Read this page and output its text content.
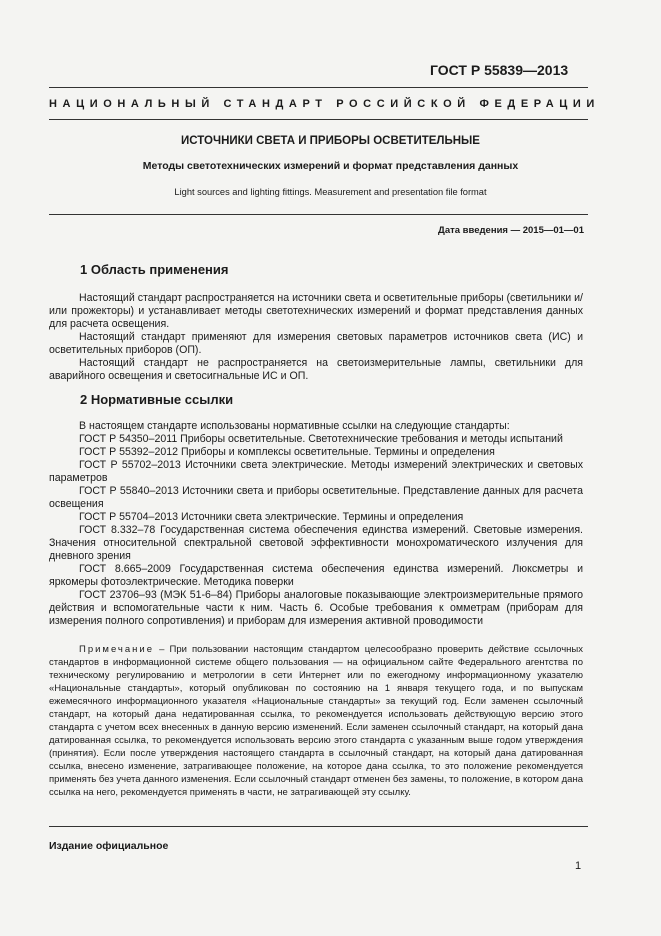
ГОСТ Р 55839—2013
НАЦИОНАЛЬНЫЙ СТАНДАРТ РОССИЙСКОЙ ФЕДЕРАЦИИ
ИСТОЧНИКИ СВЕТА И ПРИБОРЫ ОСВЕТИТЕЛЬНЫЕ
Методы светотехнических измерений и формат представления данных
Light sources and lighting fittings. Measurement and presentation file format
Дата введения — 2015—01—01
1 Область применения

Настоящий стандарт распространяется на источники света и осветительные приборы (светильники и/или прожекторы) и устанавливает методы светотехнических измерений и формат представления данных для расчета освещения.

Настоящий стандарт применяют для измерения световых параметров источников света (ИС) и осветительных приборов (ОП).

Настоящий стандарт не распространяется на светоизмерительные лампы, светильники для аварийного освещения и светосигнальные ИС и ОП.

2 Нормативные ссылки

В настоящем стандарте использованы нормативные ссылки на следующие стандарты:

ГОСТ Р 54350–2011 Приборы осветительные. Светотехнические требования и методы испытаний

ГОСТ Р 55392–2012 Приборы и комплексы осветительные. Термины и определения

ГОСТ Р 55702–2013 Источники света электрические. Методы измерений электрических и световых параметров

ГОСТ Р 55840–2013 Источники света и приборы осветительные. Представление данных для расчета освещения

ГОСТ Р 55704–2013 Источники света электрические. Термины и определения

ГОСТ 8.332–78 Государственная система обеспечения единства измерений. Световые измерения. Значения относительной спектральной световой эффективности монохроматического излучения для дневного зрения

ГОСТ 8.665–2009 Государственная система обеспечения единства измерений. Люксметры и яркомеры фотоэлектрические. Методика поверки

ГОСТ 23706–93 (МЭК 51-6–84) Приборы аналоговые показывающие электроизмерительные прямого действия и вспомогательные части к ним. Часть 6. Особые требования к омметрам (приборам для измерения полного сопротивления) и приборам для измерения активной проводимости

Примечание – При пользовании настоящим стандартом целесообразно проверить действие ссылочных стандартов в информационной системе общего пользования — на официальном сайте Федерального агентства по техническому регулированию и метрологии в сети Интернет или по ежегодному информационному указателю «Национальные стандарты», который опубликован по состоянию на 1 января текущего года, и по выпускам ежемесячного информационного указателя «Национальные стандарты» за текущий год. Если заменен ссылочный стандарт, на который дана недатированная ссылка, то рекомендуется использовать действующую версию этого стандарта с учетом всех внесенных в данную версию изменений. Если заменен ссылочный стандарт, на который дана датированная ссылка, то рекомендуется использовать версию этого стандарта с указанным выше годом утверждения (принятия). Если после утверждения настоящего стандарта в ссылочный стандарт, на который дана датированная ссылка, внесено изменение, затрагивающее положение, на которое дана ссылка, то это положение рекомендуется применять без учета данного изменения. Если ссылочный стандарт отменен без замены, то положение, в котором дана ссылка на него, рекомендуется применять в части, не затрагивающей эту ссылку.

Издание официальное
1
